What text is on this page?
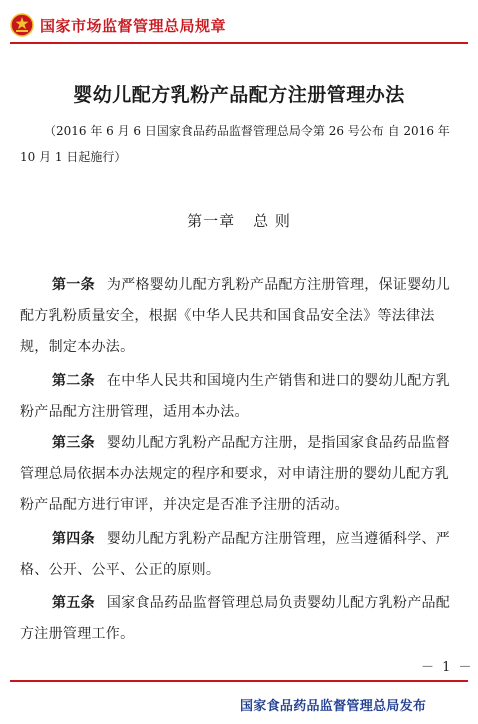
国家市场监督管理总局规章
婴幼儿配方乳粉产品配方注册管理办法
（2016 年 6 月 6 日国家食品药品监督管理总局令第 26 号公布 自 2016 年 10 月 1 日起施行）
第一章 总 则
第一条 为严格婴幼儿配方乳粉产品配方注册管理，保证婴幼儿配方乳粉质量安全，根据《中华人民共和国食品安全法》等法律法规，制定本办法。
第二条 在中华人民共和国境内生产销售和进口的婴幼儿配方乳粉产品配方注册管理，适用本办法。
第三条 婴幼儿配方乳粉产品配方注册，是指国家食品药品监督管理总局依据本办法规定的程序和要求，对申请注册的婴幼儿配方乳粉产品配方进行审评，并决定是否准予注册的活动。
第四条 婴幼儿配方乳粉产品配方注册管理，应当遵循科学、严格、公开、公平、公正的原则。
第五条 国家食品药品监督管理总局负责婴幼儿配方乳粉产品配方注册管理工作。
－ 1 －
国家食品药品监督管理总局发布
